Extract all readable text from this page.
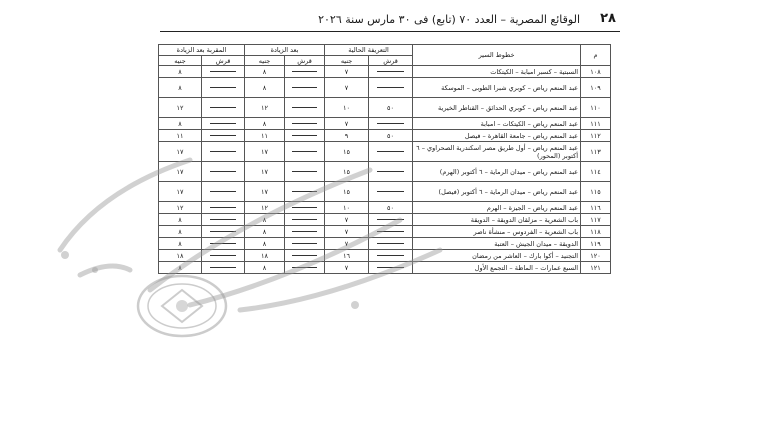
٢٨
الوقائع المصرية – العدد ٧٠ (تابع) فى ٣٠ مارس سنة ٢٠٢٦
م	خطوط السير	التعريفة الحالية		بعد الزيادة		المقربة بعد الزيادة	
		قرش	جنيه	قرش	جنيه	قرش	جنيه
١٠٨	السبتية – كسبر امبابة – الكيتكات		٧		٨		٨
١٠٩	عبد المنعم رياض – كوبري شبرا الطوبى – الموسكة		٧		٨		٨
١١٠	عبد المنعم رياض – كوبري الحدائق – القناطر الخيرية	٥٠	١٠		١٢		١٢
١١١	عبد المنعم رياض – الكيتكات – امبابة		٧		٨		٨
١١٢	عبد المنعم رياض – جامعة القاهرة – فيصل	٥٠	٩		١١		١١
١١٣	عبد المنعم رياض – أول طريق مصر اسكندرية الصحراوي – ٦ أكتوبر (المحور)		١٥		١٧		١٧
١١٤	عبد المنعم رياض – ميدان الرماية – ٦ أكتوبر (الهرم)		١٥		١٧		١٧
١١٥	عبد المنعم رياض – ميدان الرماية – ٦ أكتوبر (فيصل)		١٥		١٧		١٧
١١٦	عبد المنعم رياض – الجيزة – الهرم	٥٠	١٠		١٢		١٢
١١٧	باب الشعرية – مزلقان الدويقة – الدويقة		٧		٨		٨
١١٨	باب الشعرية – الفردوس – منشأة ناصر		٧		٨		٨
١١٩	الدويقة – ميدان الجيش – العتبة		٧		٨		٨
١٢٠	التجنيد – أكوا بارك – العاشر من رمضان		١٦		١٨		١٨
١٢١	السبع عمارات – الماظة – التجمع الأول		٧		٨		٨
